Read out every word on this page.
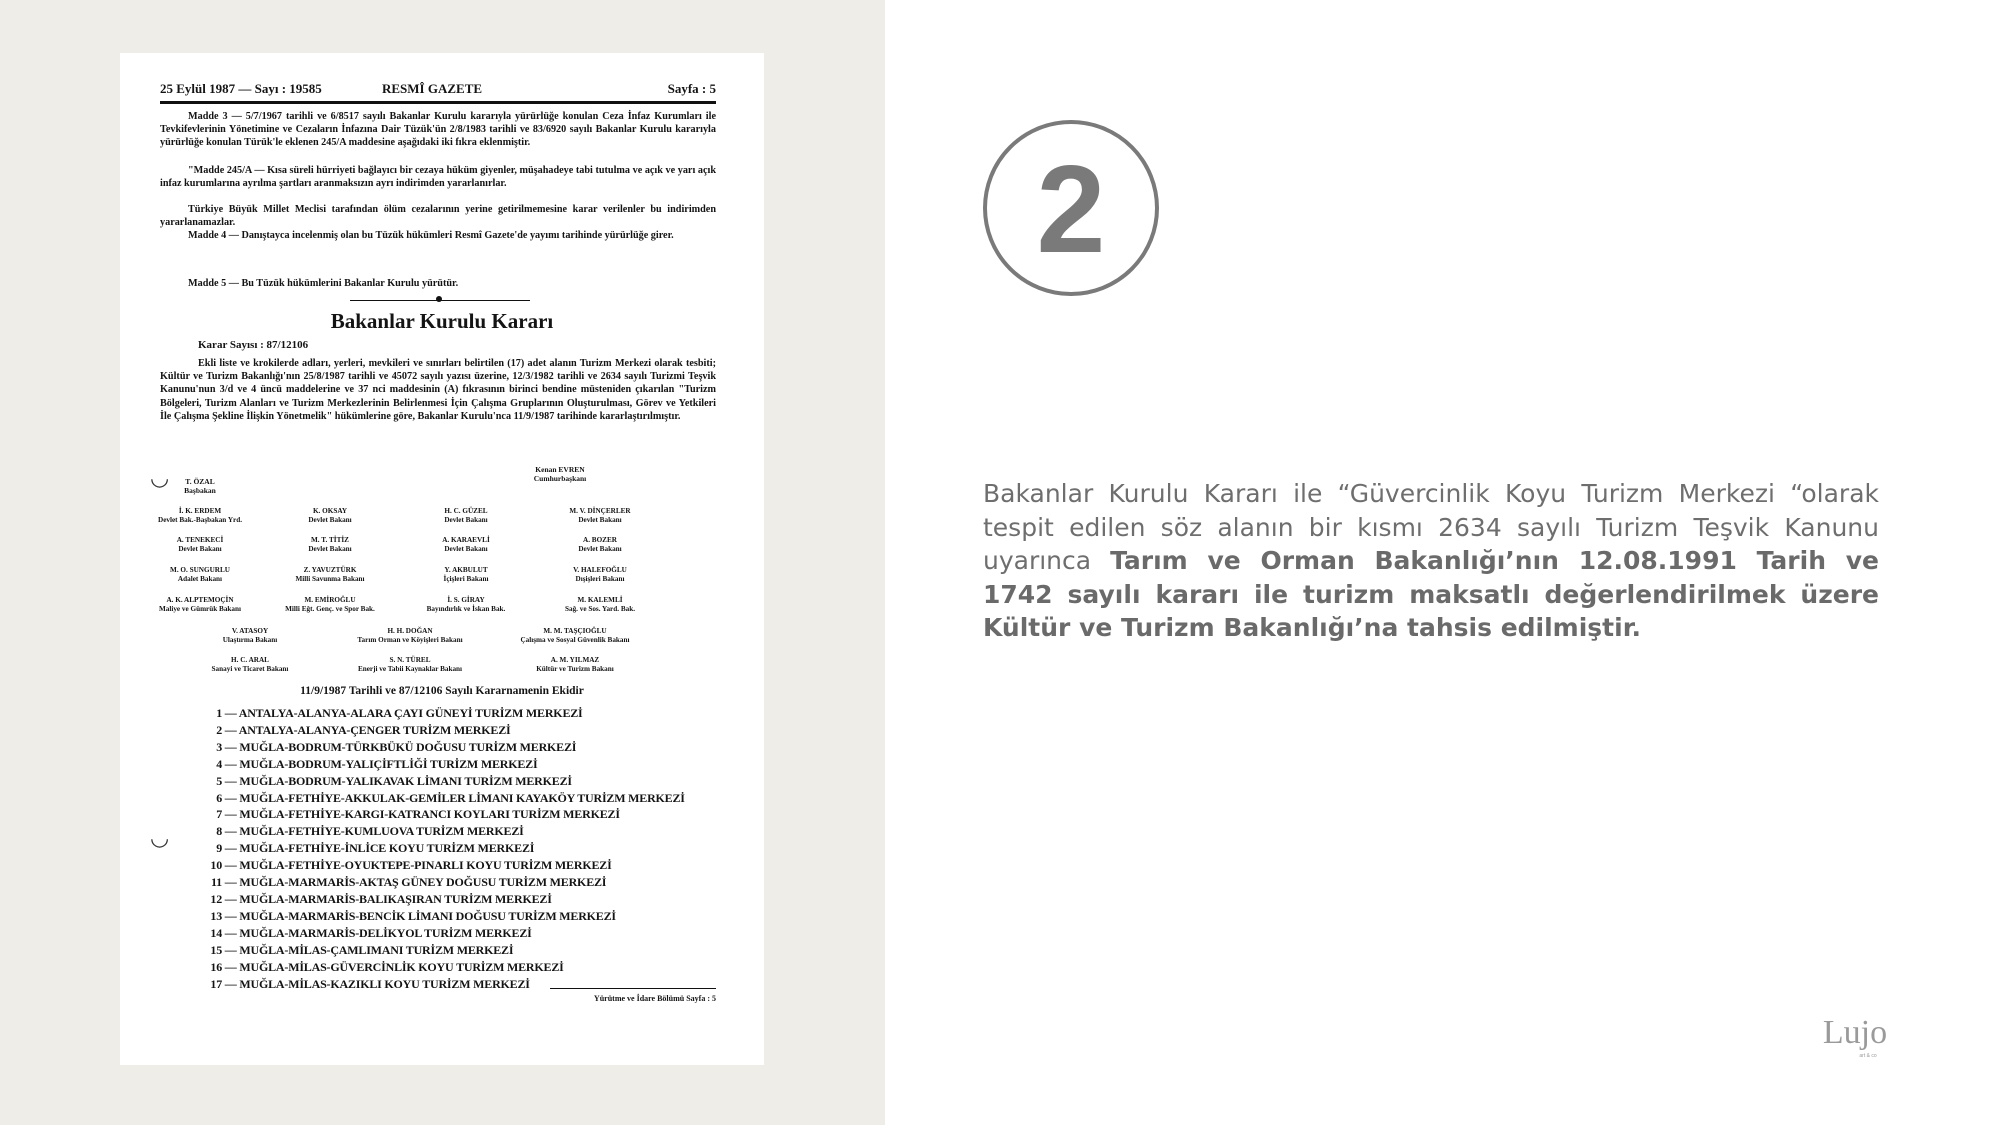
25 Eylül 1987 — Sayı : 19585	RESMÎ GAZETE	Sayfa : 5

Madde 3 — 5/7/1967 tarihli ve 6/8517 sayılı Bakanlar Kurulu kararıyla yürürlüğe konulan Ceza İnfaz Kurumları ile Tevkifevlerinin Yönetimine ve Cezaların İnfazına Dair Tüzük'ün 2/8/1983 tarihli ve 83/6920 sayılı Bakanlar Kurulu kararıyla yürürlüğe konulan Türük'le eklenen 245/A maddesine aşağıdaki iki fıkra eklenmiştir.

"Madde 245/A — Kısa süreli hürriyeti bağlayıcı bir cezaya hüküm giyenler, müşahadeye tabi tutulma ve açık ve yarı açık infaz kurumlarına ayrılma şartları aranmaksızın ayrı indirimden yararlanırlar.

Türkiye Büyük Millet Meclisi tarafından ölüm cezalarının yerine getirilmemesine karar verilenler bu indirimden yararlanamazlar.

Madde 4 — Danıştayca incelenmiş olan bu Tüzük hükümleri Resmî Gazete'de yayımı tarihinde yürürlüğe girer.

Madde 5 — Bu Tüzük hükümlerini Bakanlar Kurulu yürütür.

Bakanlar Kurulu Kararı
Karar Sayısı : 87/12106

Ekli liste ve krokilerde adları, yerleri, mevkileri ve sınırları belirtilen (17) adet alanın Turizm Merkezi olarak tesbiti; Kültür ve Turizm Bakanlığı'nın 25/8/1987 tarihli ve 45072 sayılı yazısı üzerine, 12/3/1982 tarihli ve 2634 sayılı Turizmi Teşvik Kanunu'nun 3/d ve 4 üncü maddelerine ve 37 nci maddesinin (A) fıkrasının birinci bendine müsteniden çıkarılan "Turizm Bölgeleri, Turizm Alanları ve Turizm Merkezlerinin Belirlenmesi İçin Çalışma Gruplarının Oluşturulması, Görev ve Yetkileri İle Çalışma Şekline İlişkin Yönetmelik" hükümlerine göre, Bakanlar Kurulu'nca 11/9/1987 tarihinde kararlaştırılmıştır.

Kenan EVREN
Cumhurbaşkanı
T. ÖZAL
Başbakan
İ. K. ERDEM
Devlet Bak.-Başbakan Yrd.
K. OKSAY
Devlet Bakanı
H. C. GÜZEL
Devlet Bakanı
M. V. DİNÇERLER
Devlet Bakanı
A. TENEKECİ
Devlet Bakanı
M. T. TİTİZ
Devlet Bakanı
A. KARAEVLİ
Devlet Bakanı
A. BOZER
Devlet Bakanı
M. O. SUNGURLU
Adalet Bakanı
Z. YAVUZTÜRK
Milli Savunma Bakanı
Y. AKBULUT
İçişleri Bakanı
V. HALEFOĞLU
Dışişleri Bakanı
A. K. ALPTEMOÇİN
Maliye ve Gümrük Bakanı
M. EMİROĞLU
Milli Eğt. Genç. ve Spor Bak.
İ. S. GİRAY
Bayındırlık ve İskan Bak.
M. KALEMLİ
Sağ. ve Sos. Yard. Bak.
V. ATASOY
Ulaştırma Bakanı
H. H. DOĞAN
Tarım Orman ve Köyişleri Bakanı
M. M. TAŞÇIOĞLU
Çalışma ve Sosyal Güvenlik Bakanı
H. C. ARAL
Sanayi ve Ticaret Bakanı
S. N. TÜREL
Enerji ve Tabii Kaynaklar Bakanı
A. M. YILMAZ
Kültür ve Turizm Bakanı
11/9/1987 Tarihli ve 87/12106 Sayılı Kararnamenin Ekidir
1 — ANTALYA-ALANYA-ALARA ÇAYI GÜNEYİ TURİZM MERKEZİ
2 — ANTALYA-ALANYA-ÇENGER TURİZM MERKEZİ
3 — MUĞLA-BODRUM-TÜRKBÜKÜ DOĞUSU TURİZM MERKEZİ
4 — MUĞLA-BODRUM-YALIÇİFTLİĞİ TURİZM MERKEZİ
5 — MUĞLA-BODRUM-YALIKAVAK LİMANI TURİZM MERKEZİ
6 — MUĞLA-FETHİYE-AKKULAK-GEMİLER LİMANI KAYAKÖY TURİZM MERKEZİ
7 — MUĞLA-FETHİYE-KARGI-KATRANCI KOYLARI TURİZM MERKEZİ
8 — MUĞLA-FETHİYE-KUMLUOVA TURİZM MERKEZİ
9 — MUĞLA-FETHİYE-İNLİCE KOYU TURİZM MERKEZİ
10 — MUĞLA-FETHİYE-OYUKTEPE-PINARLI KOYU TURİZM MERKEZİ
11 — MUĞLA-MARMARİS-AKTAŞ GÜNEY DOĞUSU TURİZM MERKEZİ
12 — MUĞLA-MARMARİS-BALIKAŞIRAN TURİZM MERKEZİ
13 — MUĞLA-MARMARİS-BENCİK LİMANI DOĞUSU TURİZM MERKEZİ
14 — MUĞLA-MARMARİS-DELİKYOL TURİZM MERKEZİ
15 — MUĞLA-MİLAS-ÇAMLIMANI TURİZM MERKEZİ
16 — MUĞLA-MİLAS-GÜVERCİNLİK KOYU TURİZM MERKEZİ
17 — MUĞLA-MİLAS-KAZIKLI KOYU TURİZM MERKEZİ
Yürütme ve İdare Bölümü Sayfa : 5
◡
◡
2

Bakanlar Kurulu Kararı ile “Güvercinlik Koyu Turizm Merkezi “olarak tespit edilen söz alanın bir kısmı 2634 sayılı Turizm Teşvik Kanunu uyarınca Tarım ve Orman Bakanlığı’nın 12.08.1991 Tarih ve 1742 sayılı kararı ile turizm maksatlı değerlendirilmek üzere Kültür ve Turizm Bakanlığı’na tahsis edilmiştir.

Lujo
art & co
